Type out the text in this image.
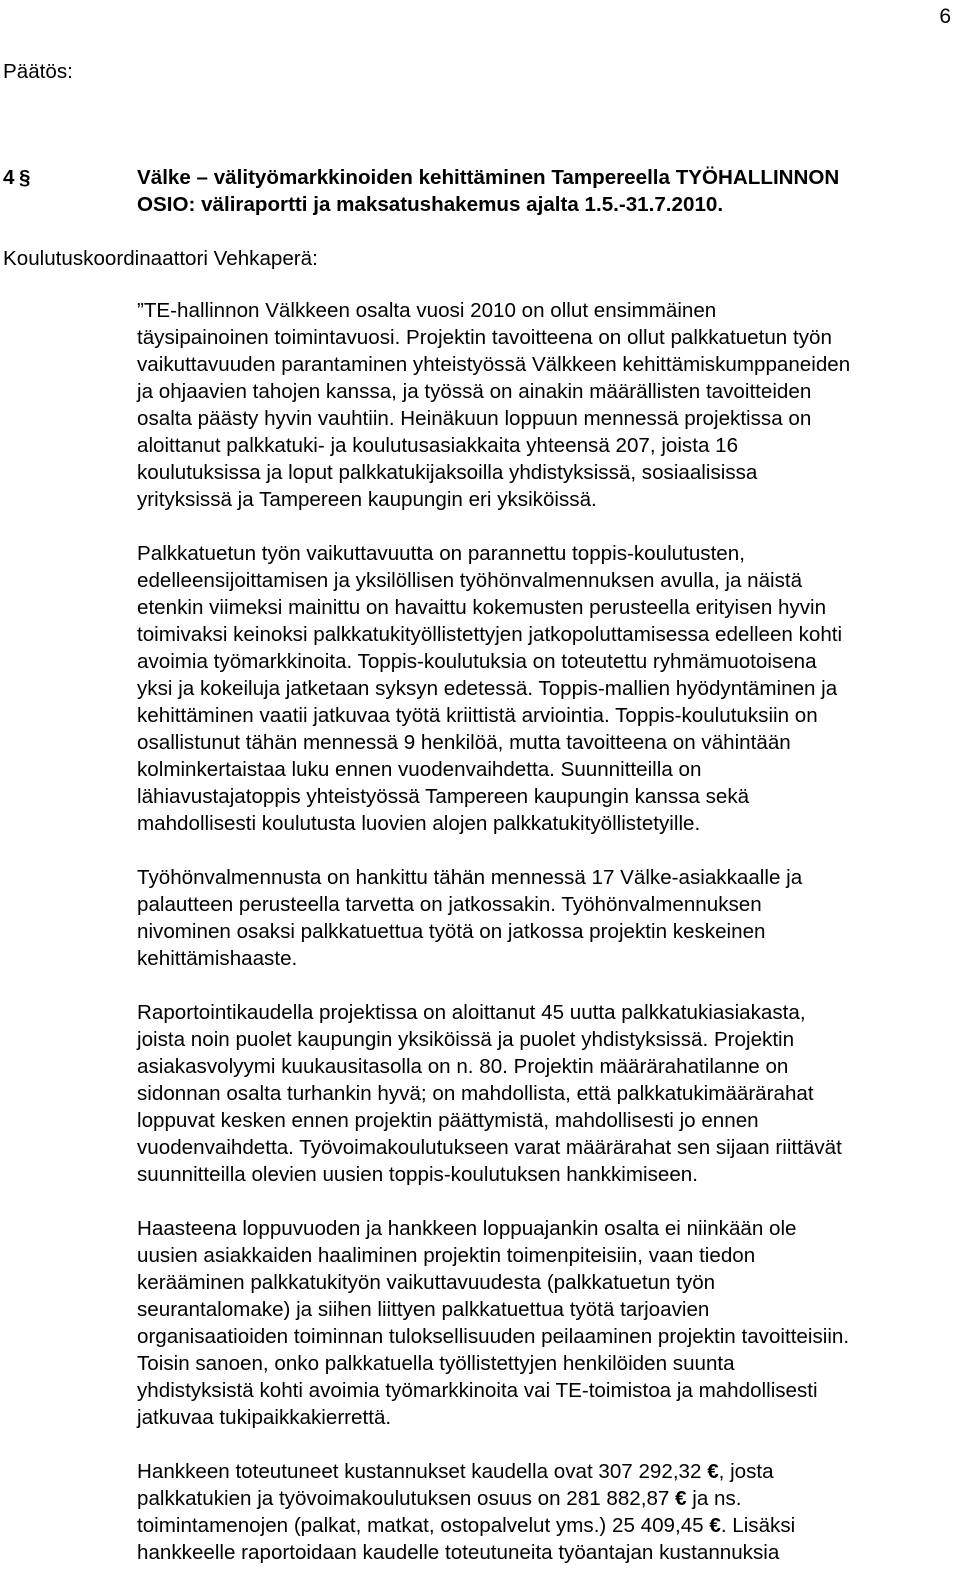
6
Päätös:
4 §	Välke – välityömarkkinoiden kehittäminen Tampereella TYÖHALLINNON
OSIO: väliraportti ja maksatushakemus ajalta 1.5.-31.7.2010.
Koulutuskoordinaattori Vehkaperä:

”TE-hallinnon Välkkeen osalta vuosi 2010 on ollut ensimmäinen
täysipainoinen toimintavuosi. Projektin tavoitteena on ollut palkkatuetun työn
vaikuttavuuden parantaminen yhteistyössä Välkkeen kehittämiskumppaneiden
ja ohjaavien tahojen kanssa, ja työssä on ainakin määrällisten tavoitteiden
osalta päästy hyvin vauhtiin. Heinäkuun loppuun mennessä projektissa on
aloittanut palkkatuki- ja koulutusasiakkaita yhteensä 207, joista 16
koulutuksissa ja loput palkkatukijaksoilla yhdistyksissä, sosiaalisissa
yrityksissä ja Tampereen kaupungin eri yksiköissä.

Palkkatuetun työn vaikuttavuutta on parannettu toppis-koulutusten,
edelleensijoittamisen ja yksilöllisen työhönvalmennuksen avulla, ja näistä
etenkin viimeksi mainittu on havaittu kokemusten perusteella erityisen hyvin
toimivaksi keinoksi palkkatukityöllistettyjen jatkopoluttamisessa edelleen kohti
avoimia työmarkkinoita. Toppis-koulutuksia on toteutettu ryhmämuotoisena
yksi ja kokeiluja jatketaan syksyn edetessä. Toppis-mallien hyödyntäminen ja
kehittäminen vaatii jatkuvaa työtä kriittistä arviointia. Toppis-koulutuksiin on
osallistunut tähän mennessä 9 henkilöä, mutta tavoitteena on vähintään
kolminkertaistaa luku ennen vuodenvaihdetta. Suunnitteilla on
lähiavustajatoppis yhteistyössä Tampereen kaupungin kanssa sekä
mahdollisesti koulutusta luovien alojen palkkatukityöllistetyille.

Työhönvalmennusta on hankittu tähän mennessä 17 Välke-asiakkaalle ja
palautteen perusteella tarvetta on jatkossakin. Työhönvalmennuksen
nivominen osaksi palkkatuettua työtä on jatkossa projektin keskeinen
kehittämishaaste.

Raportointikaudella projektissa on aloittanut 45 uutta palkkatukiasiakasta,
joista noin puolet kaupungin yksiköissä ja puolet yhdistyksissä. Projektin
asiakasvolyymi kuukausitasolla on n. 80. Projektin määrärahatilanne on
sidonnan osalta turhankin hyvä; on mahdollista, että palkkatukimäärärahat
loppuvat kesken ennen projektin päättymistä, mahdollisesti jo ennen
vuodenvaihdetta. Työvoimakoulutukseen varat määrärahat sen sijaan riittävät
suunnitteilla olevien uusien toppis-koulutuksen hankkimiseen.

Haasteena loppuvuoden ja hankkeen loppuajankin osalta ei niinkään ole
uusien asiakkaiden haaliminen projektin toimenpiteisiin, vaan tiedon
kerääminen palkkatukityön vaikuttavuudesta (palkkatuetun työn
seurantalomake) ja siihen liittyen palkkatuettua työtä tarjoavien
organisaatioiden toiminnan tuloksellisuuden peilaaminen projektin tavoitteisiin.
Toisin sanoen, onko palkkatuella työllistettyjen henkilöiden suunta
yhdistyksistä kohti avoimia työmarkkinoita vai TE-toimistoa ja mahdollisesti
jatkuvaa tukipaikkakierrettä.

Hankkeen toteutuneet kustannukset kaudella ovat 307 292,32 €, josta
palkkatukien ja työvoimakoulutuksen osuus on 281 882,87 € ja ns.
toimintamenojen (palkat, matkat, ostopalvelut yms.) 25 409,45 €. Lisäksi
hankkeelle raportoidaan kaudelle toteutuneita työantajan kustannuksia
